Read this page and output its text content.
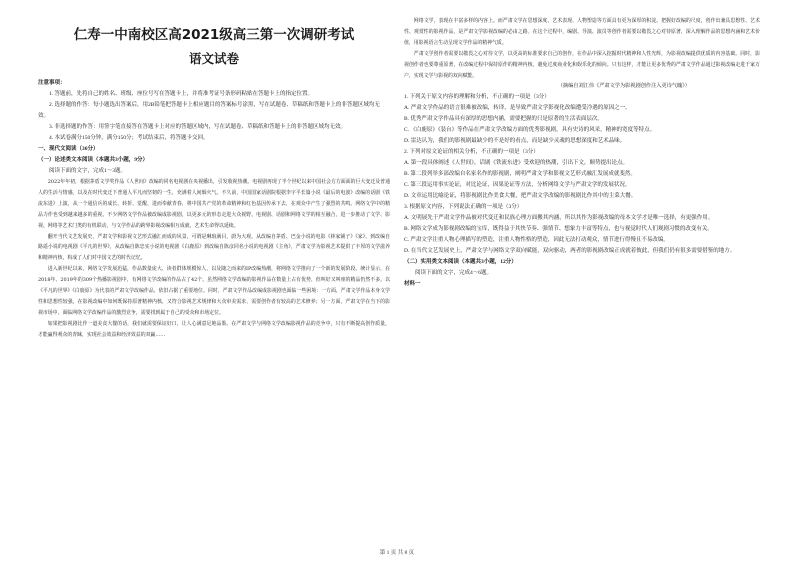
仁寿一中南校区高2021级高三第一次调研考试
语文试卷

注意事项：

1. 答题前，先将自己的姓名、班级、座位号写在答题卡上，并将准考证号条形码粘贴在答题卡上的指定位置。

2. 选择题的作答：每小题选出答案后，用2B铅笔把答题卡上相应题目的答案标号涂黑，写在试题卷、草稿纸和答题卡上的非答题区域均无效。

3. 非选择题的作答：用签字笔直接答在答题卡上对应的答题区域内，写在试题卷、草稿纸和答题卡上的非答题区域均无效。

4. 本试卷满分150分钟，满分150分；考试结束后，将答题卡交回。

一、现代文阅读（36分）

（一）论述类文本阅读（本题共3小题，9分）

阅读下面的文字，完成1～3题。

2022年年初，根据茅盾文学奖作品《人世间》改编的同名电视剧在央视播出，引发收视热潮。电视剧再现了半个世纪以来中国社会方方面面的巨大变迁及普通人的生活与情感，以及在时代变迁下普通人平凡而坚韧的一生，充满着人间烟火气。不久前，中国国家话剧院根据李宇平长篇小说《最后的电波》改编的话剧《铁流东进》上演，从一个通信兵的成长、转折、觉醒，进而奉献青春，将中国共产党的革命精神和红色基因传承下去，在观众中产生了强烈的共鸣。网络文学中的精品力作也受到越来越多的重视，不少网络文学作品被改编成影视剧，以更多元的形态走进大众视野。电视剧、话剧和网络文学的相互融合，进一步推动了文学、影视、网络等艺术门类的有机联动，与文学作品的跨界影视改编相互成就，艺术生命得以延续。

翻开当代文艺发展史，严肃文学和影视文艺形式融汇而成的风景，可谓是琳琅满目，蔚为大观。从改编自茅盾、巴金小说的电影《林家铺子》《家》，到改编自路遥小说的电视剧《平凡的世界》，从改编自陈忠实小说的电视剧《白鹿原》到改编自陈彦同名小说的电视剧《主角》，严肃文学为影视艺术提供了丰厚的文学滋养和精神内核，构成了人们对中国文艺的时代记忆。

进入新世纪以来，网络文学发展迅猛，作品数量庞大、读者群体规模惊人，以及随之而来的IP改编热潮，将网络文学推向了一个新的发展阶段。统计显示，在2018年、2019年的309个热播影视剧中，有网络文学改编的作品占了42个。虽然网络文学改编的影视作品在数量上占有优势，但叫好又叫座的精品仍然不多。以《平凡的世界》《白鹿原》为代表的严肃文学改编作品，依旧占据了重要地位。同时，严肃文学作品改编成影视剧也面临一些困境：一方面，严肃文学作品本身文学性和思想性较强，在影视改编中如何既保持原著精神内核，又符合影视艺术规律和大众审美需求，需要创作者有较高的艺术修养；另一方面，严肃文学在当下的影视市场中，面临网络文学改编作品的激烈竞争，需要找到属于自己的受众和市场定位。

如果把影视剧比作一道美食大餐的话，我们就需要保证好口，让人心满意足地品鉴。在严肃文学与网络文学改编影视作品的竞争中，只有不断提高创作质量，才能赢得观众的青睐，实现社会效益和经济效益的双赢……

网络文学，表现在丰富多样的内容上。而严肃文学在思想深度、艺术表现、人物塑造等方面具有更为深厚的积淀。把握好改编的尺度，创作出兼具思想性、艺术性、观赏性的影视作品，是严肃文学影视改编的必由之路。在这个过程中，编剧、导演、演员等创作者需要以敬畏之心对待原著，深入理解作品的思想内涵和艺术价值，用影视语言生动呈现文学作品的精神气质。

严肃文学创作者需要以敬畏之心对待文学，以更高的标准要求自己的创作，在作品中深入挖掘时代精神和人性光辉，为影视改编提供优质的内容基础。同时，影视创作者也要尊重原著，在改编过程中保持原作的精神内核，避免过度商业化和娱乐化的倾向。只有这样，才能让更多优秀的严肃文学作品通过影视改编走进千家万户，实现文学与影视的双向赋能。

（摘编自刘江伟《严肃文学为影视剧创作注入更诗气魄》）

1. 下列关于原文内容的理解和分析，不正确的一项是（3分）

A. 严肃文学作品的语言很难被改编，转译，是导致严肃文学影视化改编遭受冷遇的原因之一。

B. 优秀严肃文学作品具有深厚的思想内涵，需要把握的只是原著的生活表面层次。

C. 《白鹿原》《装台》等作品在严肃文学改编方面的优秀影视剧，具有史诗的风采，精神的宽度等特点。

D. 雷达认为，我们的影视剧最缺少的不是好的看点，而是缺少灵魂的思想深度和艺术品味。

2. 下列对原文论证的相关分析，不正确的一项是（3分）

A. 第一段具体阐述《人世间》，话剧《铁流东进》受欢迎的热潮，引出下文，顺势提出论点。

B. 第二段列举多部改编自名家名作的影视剧，阐明严肃文学和影视文艺形式融汇发展成就斐然。

C. 第三段运用事实论证，对比论证，因果论证等方法，分析网络文学与严肃文学的发展状况。

D. 文章运用比喻论证，将影视剧比作美食大餐，把严肃文学改编的影视剧比作其中的主菜大餐。

3. 根据原文内容，下列说法正确的一项是（3分）

A. 文明展先于严肃文学作品被对代变迁和民族心理方面搬其内涵，所以其作为影视改编的母本文学才是唯一选择，有更强作用。

B. 网络文学成为影视剧改编的宝库，既得益于其快节奏、强情节、想象力丰富等特点，也与视觉时代人们观剧习惯的改变有关。

C. 严肃文学注重人物心理描写的塑造，注重人物性格的塑造，因此无法打动观众，情节进行得慢且不易改编。

D. 在当代文艺发展史上，严肃文学与网络文学双向赋能，双向驱动，两者的影视剧改编正成就着彼此，但我们仍有很多需要借鉴的地方。

（二）实用类文本阅读（本题共3小题，12分）

阅读下面的文字，完成4～6题。

材料一

第 1 页 共 8 页
